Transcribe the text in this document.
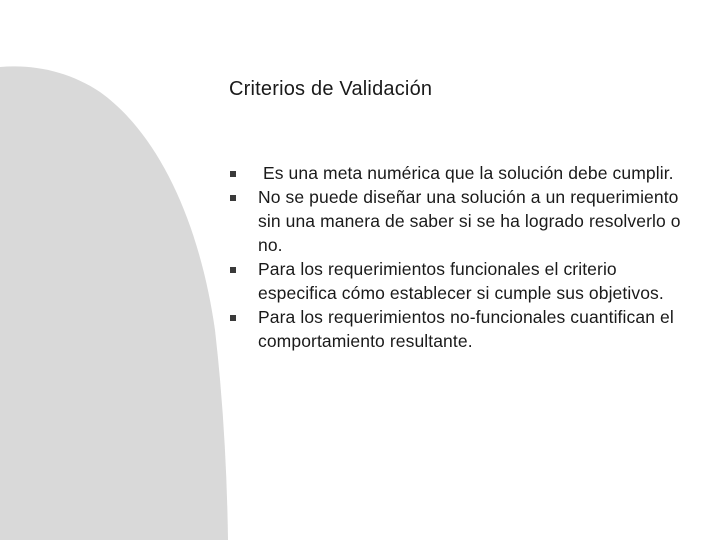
Criterios de Validación
Es una meta numérica que la solución debe cumplir.
No se puede diseñar una solución a un requerimiento sin una manera de saber si se ha logrado resolverlo o no.
Para los requerimientos funcionales el criterio especifica cómo establecer si cumple sus objetivos.
Para los requerimientos no-funcionales cuantifican el comportamiento resultante.
